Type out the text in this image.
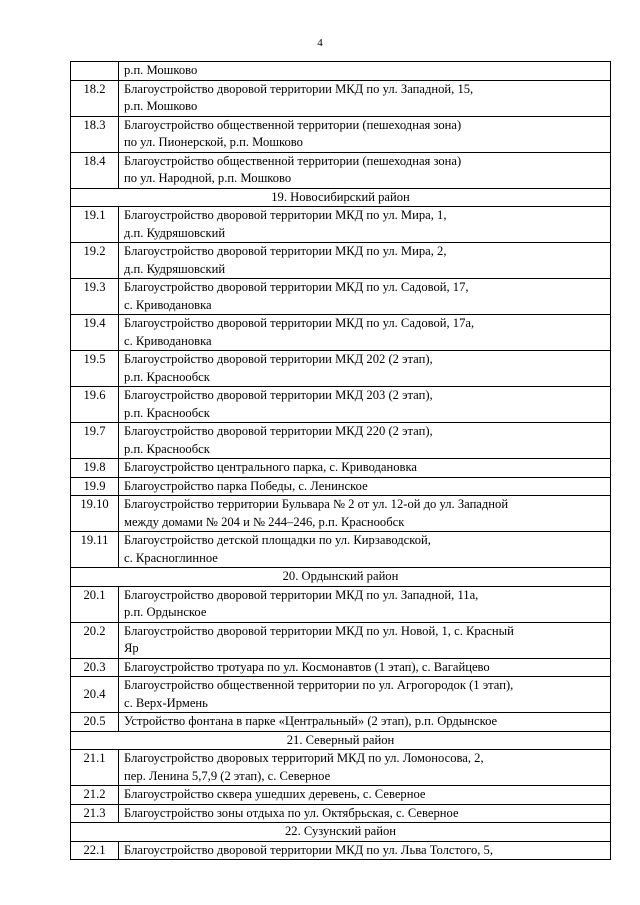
4
	р.п. Мошково
18.2	Благоустройство дворовой территории МКД по ул. Западной, 15,
р.п. Мошково
18.3	Благоустройство общественной территории (пешеходная зона)
по ул. Пионерской, р.п. Мошково
18.4	Благоустройство общественной территории (пешеходная зона)
по ул. Народной, р.п. Мошково
19. Новосибирский район	
19.1	Благоустройство дворовой территории МКД по ул. Мира, 1,
д.п. Кудряшовский
19.2	Благоустройство дворовой территории МКД по ул. Мира, 2,
д.п. Кудряшовский
19.3	Благоустройство дворовой территории МКД по ул. Садовой, 17,
с. Криводановка
19.4	Благоустройство дворовой территории МКД по ул. Садовой, 17а,
с. Криводановка
19.5	Благоустройство дворовой территории МКД 202 (2 этап),
р.п. Краснообск
19.6	Благоустройство дворовой территории МКД 203 (2 этап),
р.п. Краснообск
19.7	Благоустройство дворовой территории МКД 220 (2 этап),
р.п. Краснообск
19.8	Благоустройство центрального парка, с. Криводановка
19.9	Благоустройство парка Победы, с. Ленинское
19.10	Благоустройство территории Бульвара № 2 от ул. 12-ой до ул. Западной
между домами № 204 и № 244–246, р.п. Краснообск
19.11	Благоустройство детской площадки по ул. Кирзаводской,
с. Красноглинное
20. Ордынский район	
20.1	Благоустройство дворовой территории МКД по ул. Западной, 11а,
р.п. Ордынское
20.2	Благоустройство дворовой территории МКД по ул. Новой, 1, с. Красный
Яр
20.3	Благоустройство тротуара по ул. Космонавтов (1 этап), с. Вагайцево
20.4	Благоустройство общественной территории по ул. Агрогородок (1 этап),
с. Верх-Ирмень
20.5	Устройство фонтана в парке «Центральный» (2 этап), р.п. Ордынское
21. Северный район	
21.1	Благоустройство дворовых территорий МКД по ул. Ломоносова, 2,
пер. Ленина 5,7,9 (2 этап), с. Северное
21.2	Благоустройство сквера ушедших деревень, с. Северное
21.3	Благоустройство зоны отдыха по ул. Октябрьская, с. Северное
22. Сузунский район	
22.1	Благоустройство дворовой территории МКД по ул. Льва Толстого, 5,
